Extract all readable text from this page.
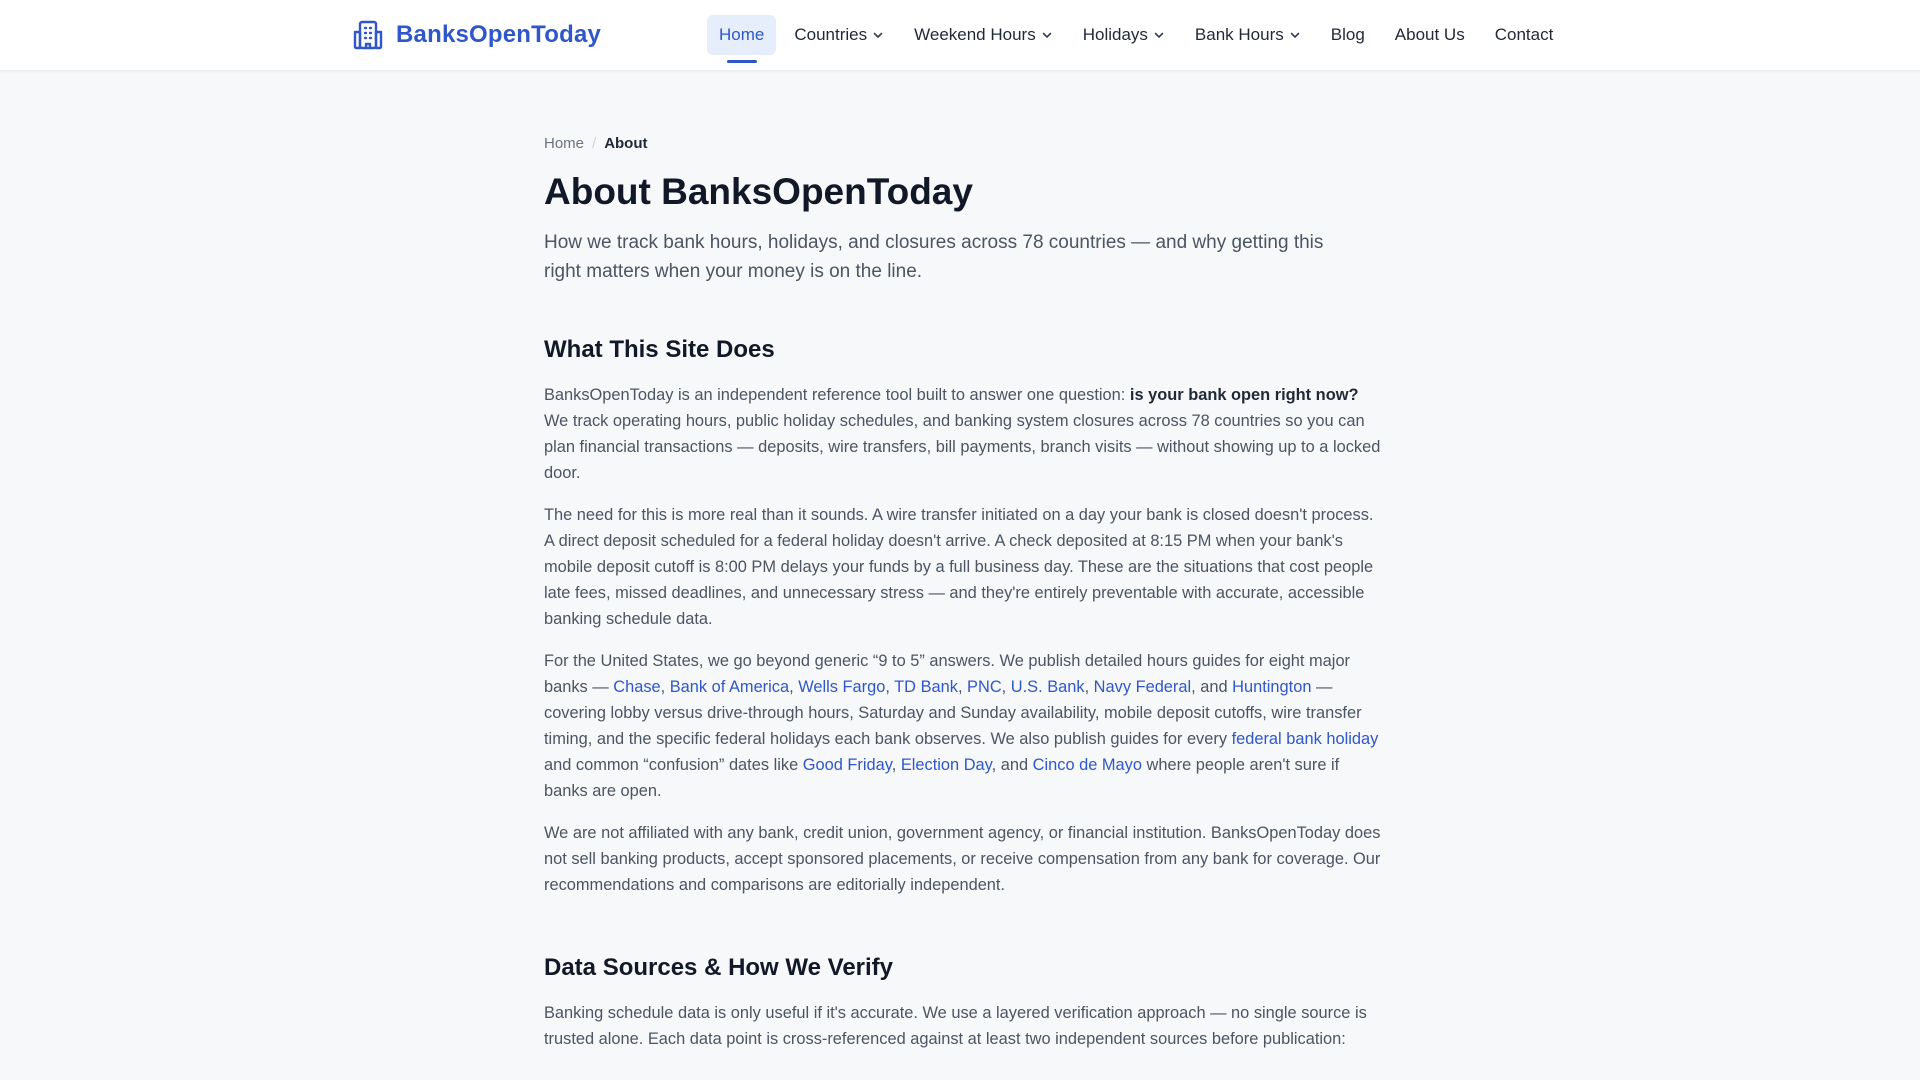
BanksOpenToday	Home Countries	Weekend Hours	Holidays	Bank Hours	Blog About Us Contact
Home / About
About BanksOpenToday

How we track bank hours, holidays, and closures across 78 countries — and why getting this right matters when your money is on the line.

What This Site Does

BanksOpenToday is an independent reference tool built to answer one question: is your bank open right now? We track operating hours, public holiday schedules, and banking system closures across 78 countries so you can plan financial transactions — deposits, wire transfers, bill payments, branch visits — without showing up to a locked door.

The need for this is more real than it sounds. A wire transfer initiated on a day your bank is closed doesn't process. A direct deposit scheduled for a federal holiday doesn't arrive. A check deposited at 8:15 PM when your bank's mobile deposit cutoff is 8:00 PM delays your funds by a full business day. These are the situations that cost people late fees, missed deadlines, and unnecessary stress — and they're entirely preventable with accurate, accessible banking schedule data.

For the United States, we go beyond generic “9 to 5” answers. We publish detailed hours guides for eight major banks — Chase, Bank of America, Wells Fargo, TD Bank, PNC, U.S. Bank, Navy Federal, and Huntington — covering lobby versus drive-through hours, Saturday and Sunday availability, mobile deposit cutoffs, wire transfer timing, and the specific federal holidays each bank observes. We also publish guides for every federal bank holiday and common “confusion” dates like Good Friday, Election Day, and Cinco de Mayo where people aren't sure if banks are open.

We are not affiliated with any bank, credit union, government agency, or financial institution. BanksOpenToday does not sell banking products, accept sponsored placements, or receive compensation from any bank for coverage. Our recommendations and comparisons are editorially independent.

Data Sources & How We Verify

Banking schedule data is only useful if it's accurate. We use a layered verification approach — no single source is trusted alone. Each data point is cross-referenced against at least two independent sources before publication:
